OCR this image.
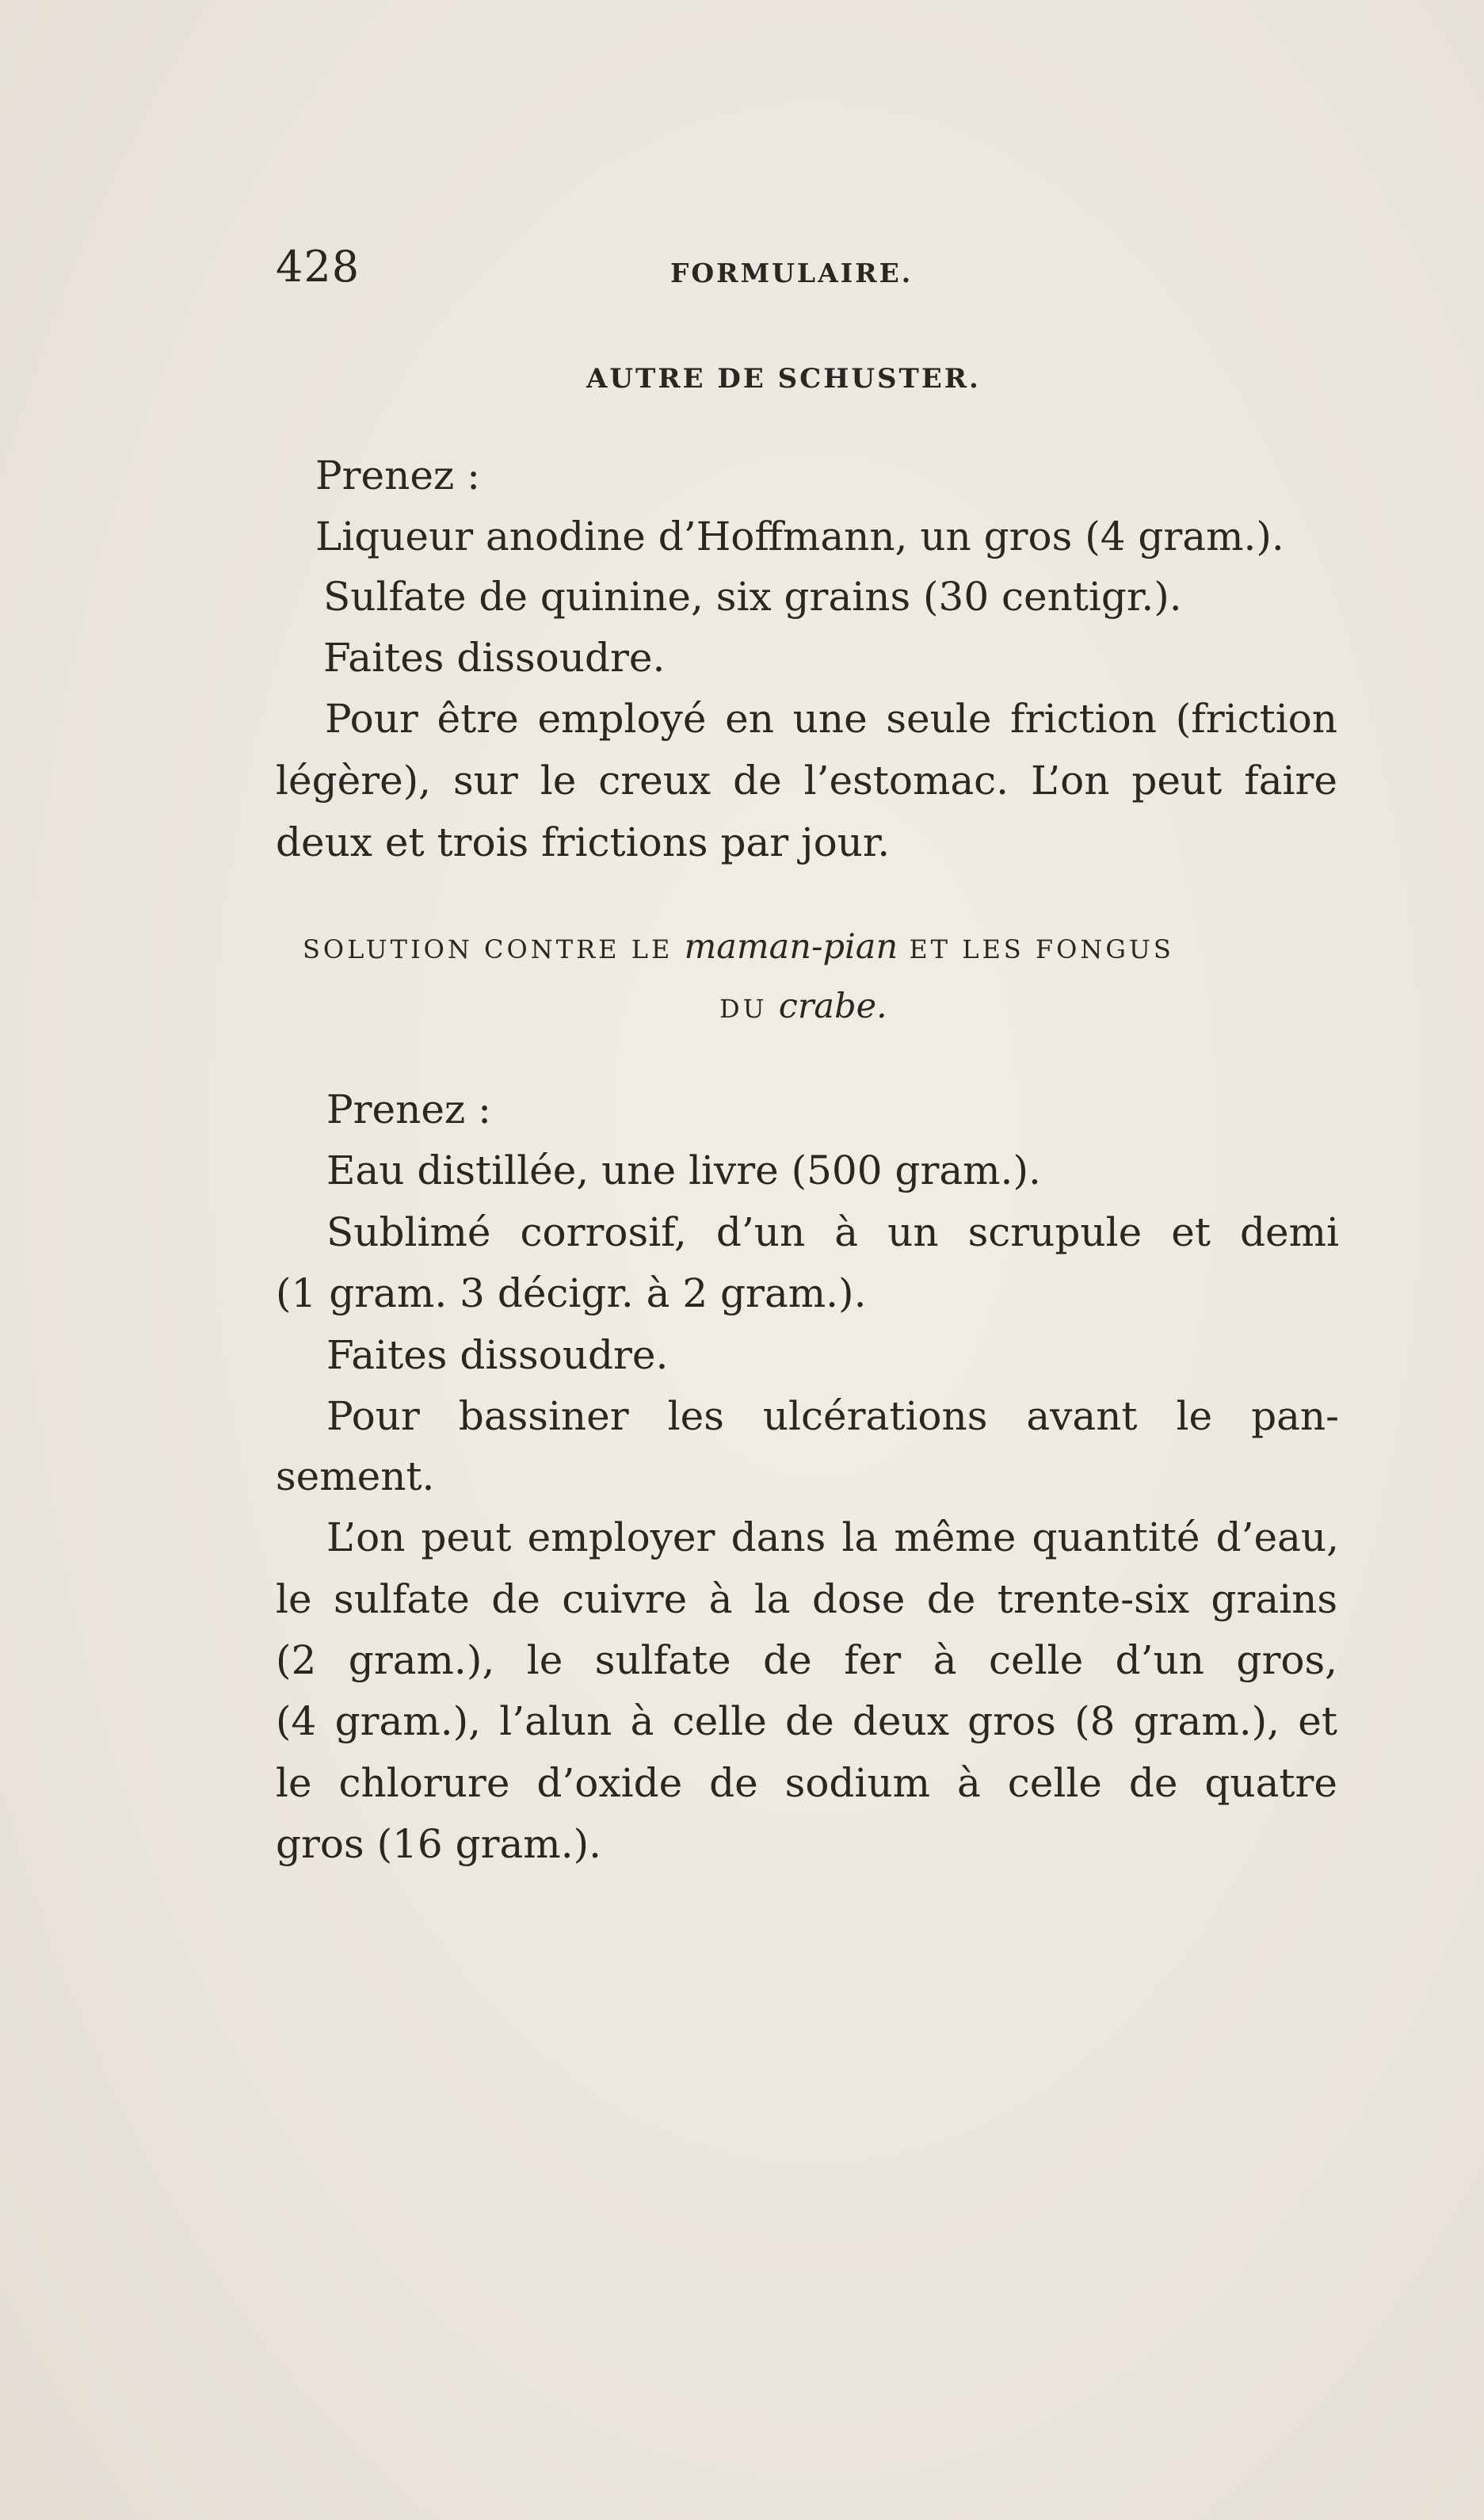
428	FORMULAIRE.
AUTRE DE SCHUSTER.
Prenez :
Liqueur anodine d’Hoffmann, un gros (4 gram.).
Sulfate de quinine, six grains (30 centigr.).
Faites dissoudre.
Pour être employé en une seule friction (friction
légère), sur le creux de l’estomac. L’on peut faire
deux et trois frictions par jour.
SOLUTION CONTRE LE maman-pian ET LES FONGUS
DU crabe.
Prenez :
Eau distillée, une livre (500 gram.).
Sublimé corrosif, d’un à un scrupule et demi
(1 gram. 3 décigr. à 2 gram.).
Faites dissoudre.
Pour bassiner les ulcérations avant le pan-
sement.
L’on peut employer dans la même quantité d’eau,
le sulfate de cuivre à la dose de trente-six grains
(2 gram.), le sulfate de fer à celle d’un gros,
(4 gram.), l’alun à celle de deux gros (8 gram.), et
le chlorure d’oxide de sodium à celle de quatre
gros (16 gram.).
